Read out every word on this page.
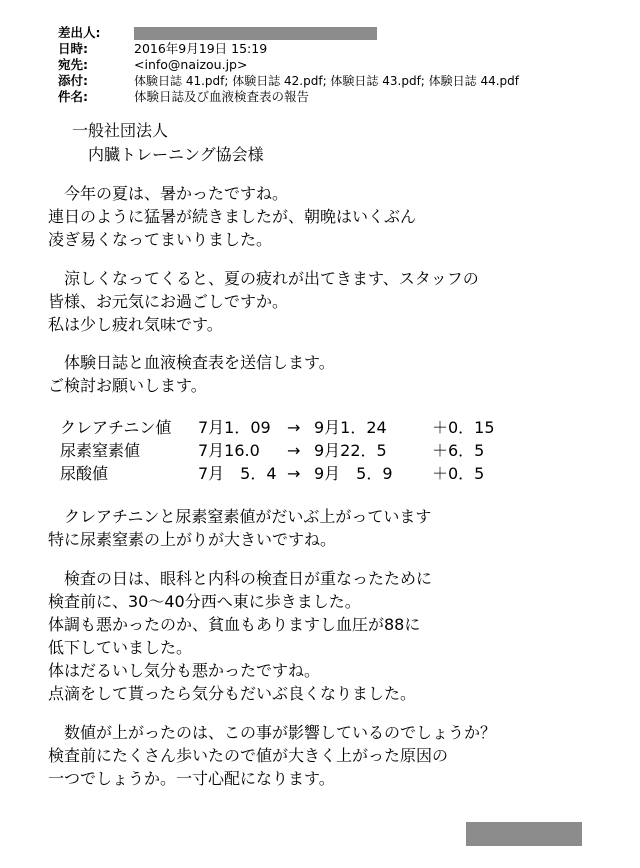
差出人:
日時:	2016年9月19日 15:19
宛先:	<info@naizou.jp>
添付:	体験日誌 41.pdf; 体験日誌 42.pdf; 体験日誌 43.pdf; 体験日誌 44.pdf
件名:	体験日誌及び血液検査表の報告
一般社団法人
内臓トレーニング協会様
今年の夏は、暑かったですね。
連日のように猛暑が続きましたが、朝晩はいくぶん
凌ぎ易くなってまいりました。
涼しくなってくると、夏の疲れが出てきます、スタッフの
皆様、お元気にお過ごしですか。
私は少し疲れ気味です。
体験日誌と血液検査表を送信します。
ご検討お願いします。
クレアチニン値 7月1．09 → 9月1．24	＋0．15
尿素窒素値	7月16.0 → 9月22．5	＋6．5
尿酸値	7月　5．4 → 9月　5．9 ＋0．5
クレアチニンと尿素窒素値がだいぶ上がっています
特に尿素窒素の上がりが大きいですね。
検査の日は、眼科と内科の検査日が重なったために
検査前に、30～40分西へ東に歩きました。
体調も悪かったのか、貧血もありますし血圧が88に
低下していました。
体はだるいし気分も悪かったですね。
点滴をして貰ったら気分もだいぶ良くなりました。
数値が上がったのは、この事が影響しているのでしょうか？
検査前にたくさん歩いたので値が大きく上がった原因の
一つでしょうか。一寸心配になります。
